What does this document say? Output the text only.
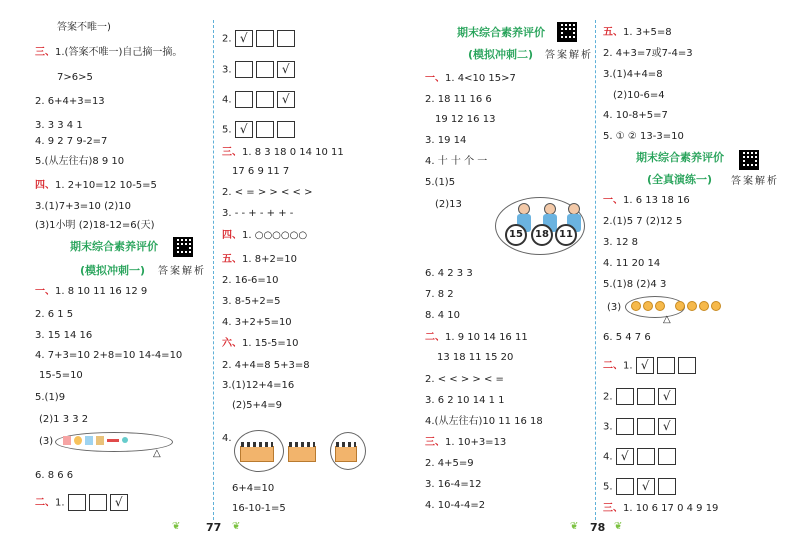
答案不唯一)
三、1.(答案不唯一)自己摘一摘。
7>6>5
2. 6+4+3=13
3. 3 3 4 1
4. 9 2 7 9-2=7
5.(从左往右)8 9 10
四、1. 2+10=12 10-5=5
3.(1)7+3=10 (2)10
(3)1小明 (2)18-12=6(天)
期末综合素养评价
(模拟冲刺一) 答案解析
一、1. 8 10 11 16 12 9
2. 6 1 5
3. 15 14 16
4. 7+3=10 2+8=10 14-4=10
15-5=10
5.(1)9
(2)1 3 3 2
(3)
△
6. 8 6 6
二、1.	√
2. √
3.	√
4.	√
5. √
三、1. 8 3 18 0 14 10 11
17 6 9 11 7
2. < = > > < < >
3. - - + - + + -
四、1. ○○○○○○
五、1. 8+2=10
2. 16-6=10
3. 8-5+2=5
4. 3+2+5=10
六、1. 15-5=10
2. 4+4=8 5+3=8
3.(1)12+4=16
(2)5+4=9
4.
6+4=10
16-10-1=5
❦ 77 ❦
期末综合素养评价
(模拟冲刺二) 答案解析
一、1. 4<10 15>7
2. 18 11 16 6
19 12 16 13
3. 19 14
4. 十 十 个 一
5.(1)5
(2)13
15	18	11
6. 4 2 3 3
7. 8 2
8. 4 10
二、1. 9 10 14 16 11
13 18 11 15 20
2. < < > > < =
3. 6 2 10 14 1 1
4.(从左往右)10 11 16 18
三、1. 10+3=13
2. 4+5=9
3. 16-4=12
4. 10-4-4=2
五、1. 3+5=8
2. 4+3=7或7-4=3
3.(1)4+4=8
(2)10-6=4
4. 10-8+5=7
5. ① ② 13-3=10
期末综合素养评价
(全真演练一) 答案解析
一、1. 6 13 18 16
2.(1)5 7 (2)12 5
3. 12 8
4. 11 20 14
5.(1)8 (2)4 3
(3)
△
6. 5 4 7 6
二、1. √
2.	√
3.	√
4. √
5. √
三、1. 10 6 17 0 4 9 19
❦ 78 ❦
